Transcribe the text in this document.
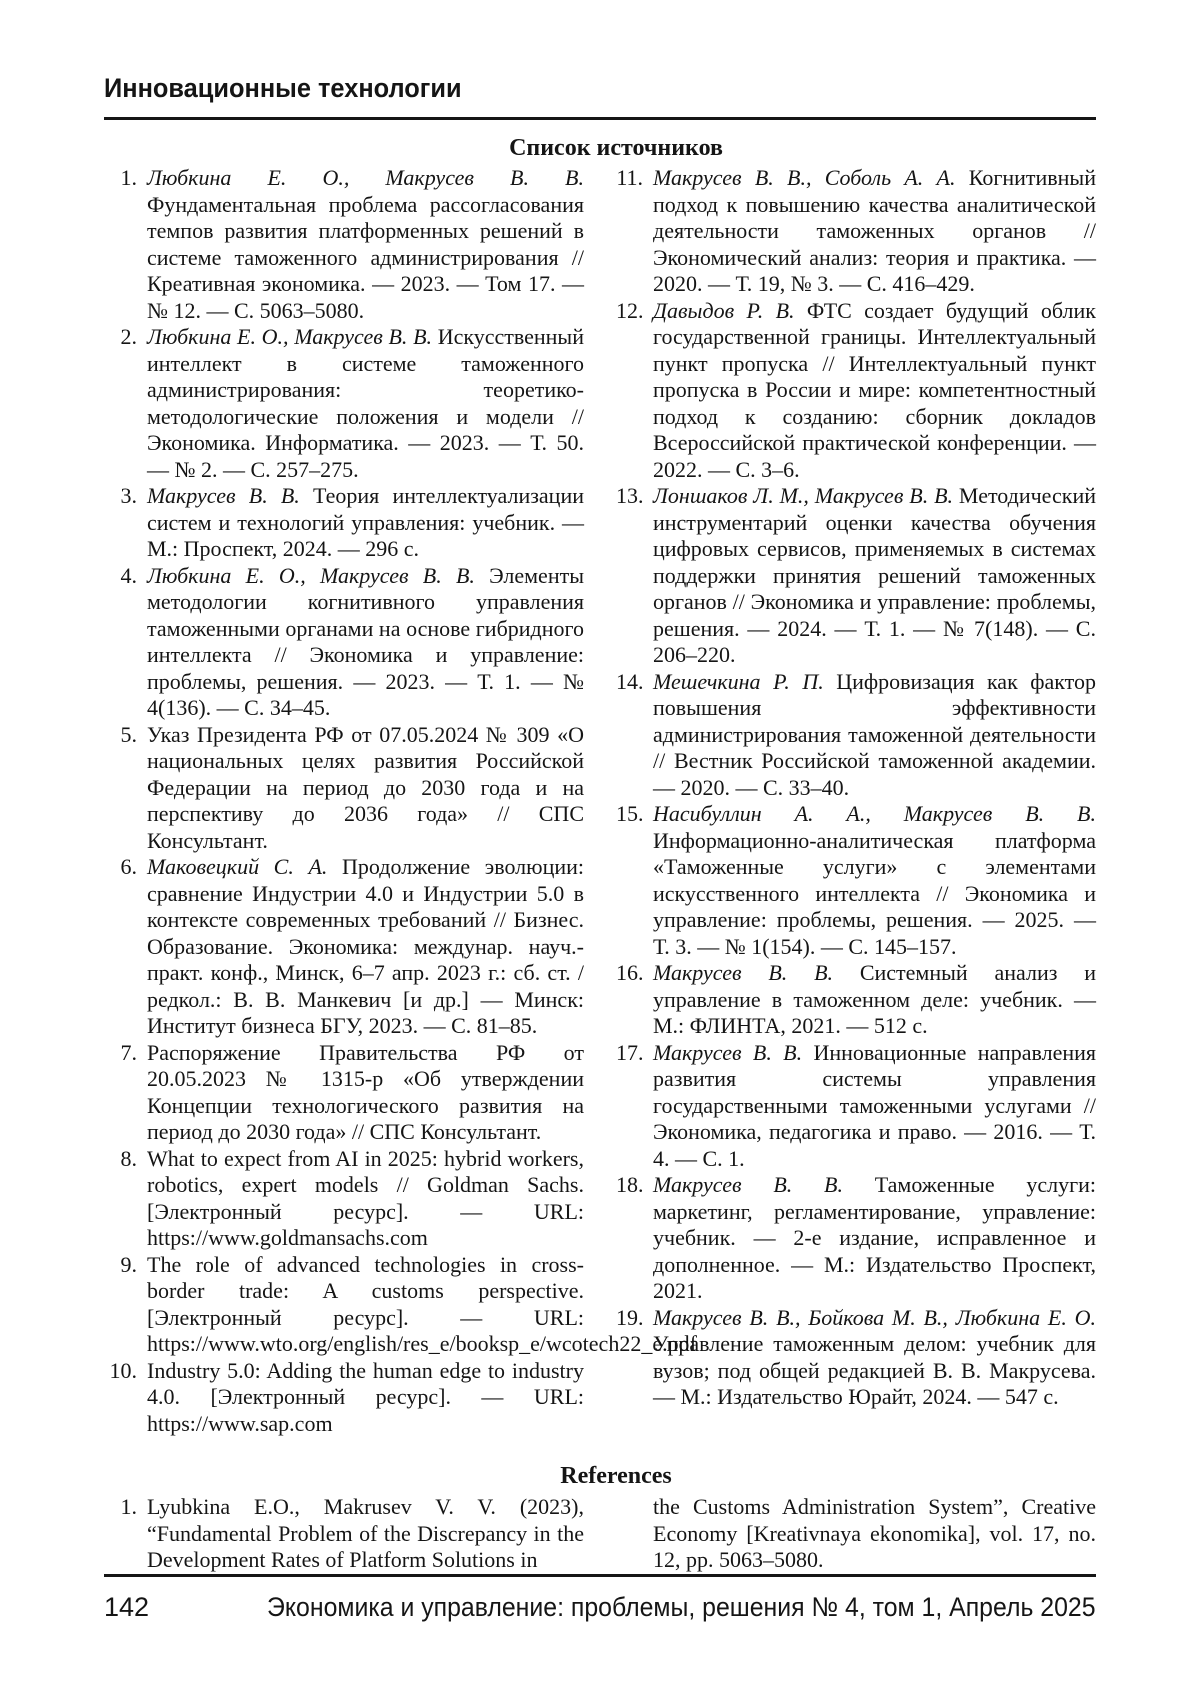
Инновационные технологии
Список источников
1. Любкина Е. О., Макрусев В. В. Фундаментальная проблема рассогласования темпов развития платформенных решений в системе таможенного администрирования // Креативная экономика. — 2023. — Том 17. — № 12. — С. 5063–5080.
2. Любкина Е. О., Макрусев В. В. Искусственный интеллект в системе таможенного администрирования: теоретико-методологические положения и модели // Экономика. Информатика. — 2023. — Т. 50. — № 2. — С. 257–275.
3. Макрусев В. В. Теория интеллектуализации систем и технологий управления: учебник. — М.: Проспект, 2024. — 296 с.
4. Любкина Е. О., Макрусев В. В. Элементы методологии когнитивного управления таможенными органами на основе гибридного интеллекта // Экономика и управление: проблемы, решения. — 2023. — Т. 1. — № 4(136). — С. 34–45.
5. Указ Президента РФ от 07.05.2024 № 309 «О национальных целях развития Российской Федерации на период до 2030 года и на перспективу до 2036 года» // СПС Консультант.
6. Маковецкий С. А. Продолжение эволюции: сравнение Индустрии 4.0 и Индустрии 5.0 в контексте современных требований // Бизнес. Образование. Экономика: междунар. науч.-практ. конф., Минск, 6–7 апр. 2023 г.: сб. ст. / редкол.: В. В. Манкевич [и др.] — Минск: Институт бизнеса БГУ, 2023. — С. 81–85.
7. Распоряжение Правительства РФ от 20.05.2023 № 1315-р «Об утверждении Концепции технологического развития на период до 2030 года» // СПС Консультант.
8. What to expect from AI in 2025: hybrid workers, robotics, expert models // Goldman Sachs. [Электронный ресурс]. — URL: https://www.goldmansachs.com
9. The role of advanced technologies in cross-border trade: A customs perspective. [Электронный ресурс]. — URL: https://www.wto.org/english/res_e/booksp_e/wcotech22_e.pdf
10. Industry 5.0: Adding the human edge to industry 4.0. [Электронный ресурс]. — URL: https://www.sap.com
11. Макрусев В. В., Соболь А. А. Когнитивный подход к повышению качества аналитической деятельности таможенных органов // Экономический анализ: теория и практика. — 2020. — Т. 19, № 3. — С. 416–429.
12. Давыдов Р. В. ФТС создает будущий облик государственной границы. Интеллектуальный пункт пропуска // Интеллектуальный пункт пропуска в России и мире: компетентностный подход к созданию: сборник докладов Всероссийской практической конференции. — 2022. — С. 3–6.
13. Лоншаков Л. М., Макрусев В. В. Методический инструментарий оценки качества обучения цифровых сервисов, применяемых в системах поддержки принятия решений таможенных органов // Экономика и управление: проблемы, решения. — 2024. — Т. 1. — № 7(148). — С. 206–220.
14. Мешечкина Р. П. Цифровизация как фактор повышения эффективности администрирования таможенной деятельности // Вестник Российской таможенной академии. — 2020. — С. 33–40.
15. Насибуллин А. А., Макрусев В. В. Информационно-аналитическая платформа «Таможенные услуги» с элементами искусственного интеллекта // Экономика и управление: проблемы, решения. — 2025. — Т. 3. — № 1(154). — С. 145–157.
16. Макрусев В. В. Системный анализ и управление в таможенном деле: учебник. — М.: ФЛИНТА, 2021. — 512 с.
17. Макрусев В. В. Инновационные направления развития системы управления государственными таможенными услугами // Экономика, педагогика и право. — 2016. — Т. 4. — С. 1.
18. Макрусев В. В. Таможенные услуги: маркетинг, регламентирование, управление: учебник. — 2-е издание, исправленное и дополненное. — М.: Издательство Проспект, 2021.
19. Макрусев В. В., Бойкова М. В., Любкина Е. О. Управление таможенным делом: учебник для вузов; под общей редакцией В. В. Макрусева. — М.: Издательство Юрайт, 2024. — 547 с.
References
1. Lyubkina E.O., Makrusev V. V. (2023), “Fundamental Problem of the Discrepancy in the Development Rates of Platform Solutions in
the Customs Administration System”, Creative Economy [Kreativnaya ekonomika], vol. 17, no. 12, pp. 5063–5080.
142	Экономика и управление: проблемы, решения № 4, том 1, Апрель 2025
